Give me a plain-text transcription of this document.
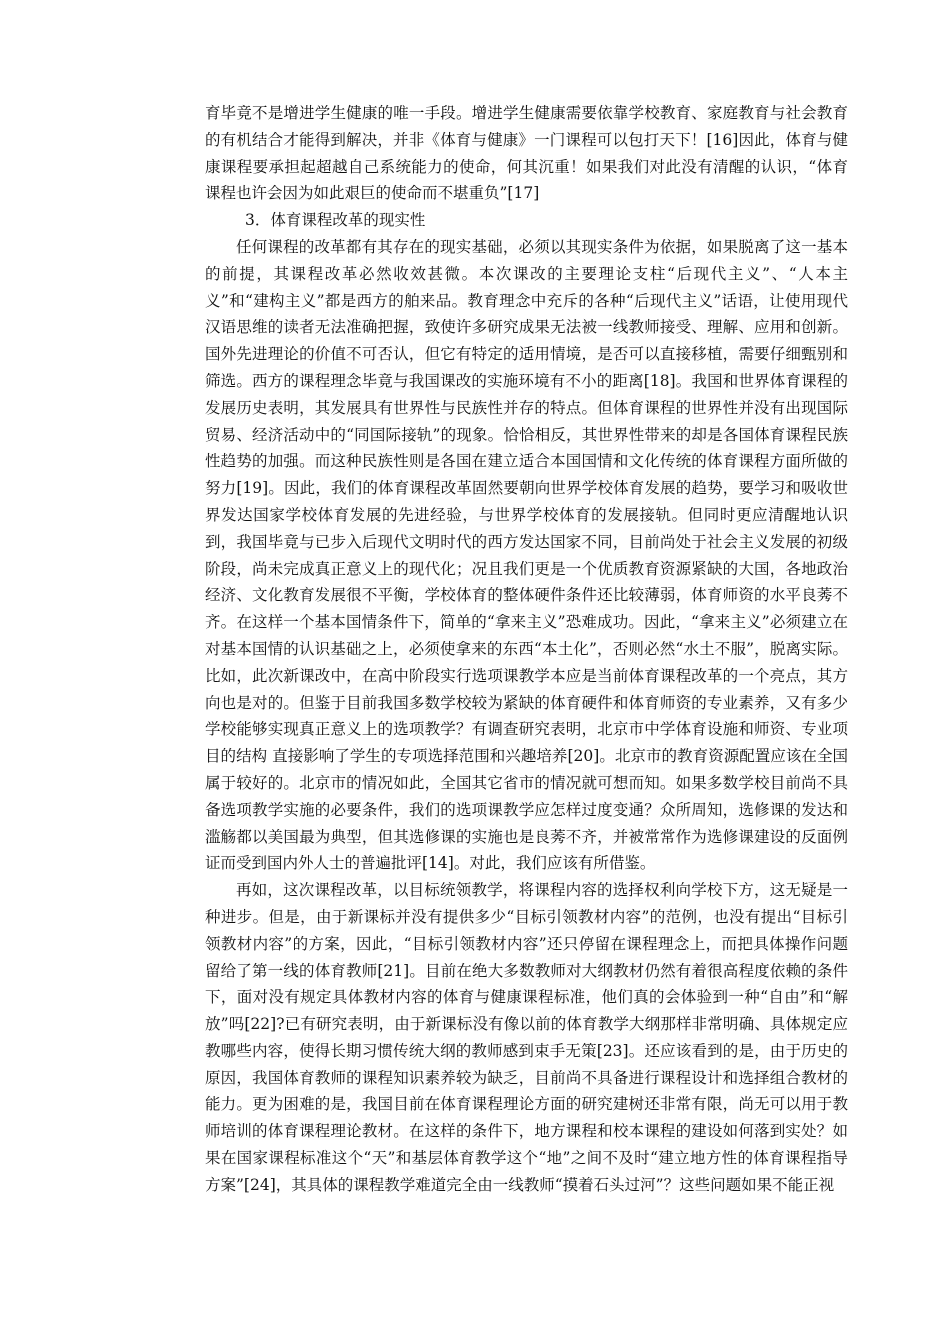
育毕竟不是增进学生健康的唯一手段。增进学生健康需要依靠学校教育、家庭教育与社会教育的有机结合才能得到解决，并非《体育与健康》一门课程可以包打天下！[16]因此，体育与健康课程要承担起超越自己系统能力的使命，何其沉重！如果我们对此没有清醒的认识，“体育课程也许会因为如此艰巨的使命而不堪重负”[17]

3．体育课程改革的现实性

任何课程的改革都有其存在的现实基础，必须以其现实条件为依据，如果脱离了这一基本的前提，其课程改革必然收效甚微。本次课改的主要理论支柱“后现代主义”、“人本主义”和“建构主义”都是西方的舶来品。教育理念中充斥的各种“后现代主义”话语，让使用现代汉语思维的读者无法准确把握，致使许多研究成果无法被一线教师接受、理解、应用和创新。国外先进理论的价值不可否认，但它有特定的适用情境，是否可以直接移植，需要仔细甄别和筛选。西方的课程理念毕竟与我国课改的实施环境有不小的距离[18]。我国和世界体育课程的发展历史表明，其发展具有世界性与民族性并存的特点。但体育课程的世界性并没有出现国际贸易、经济活动中的“同国际接轨”的现象。恰恰相反，其世界性带来的却是各国体育课程民族性趋势的加强。而这种民族性则是各国在建立适合本国国情和文化传统的体育课程方面所做的努力[19]。因此，我们的体育课程改革固然要朝向世界学校体育发展的趋势，要学习和吸收世界发达国家学校体育发展的先进经验，与世界学校体育的发展接轨。但同时更应清醒地认识到，我国毕竟与已步入后现代文明时代的西方发达国家不同，目前尚处于社会主义发展的初级阶段，尚未完成真正意义上的现代化；况且我们更是一个优质教育资源紧缺的大国，各地政治经济、文化教育发展很不平衡，学校体育的整体硬件条件还比较薄弱，体育师资的水平良莠不齐。在这样一个基本国情条件下，简单的“拿来主义”恐难成功。因此，“拿来主义”必须建立在对基本国情的认识基础之上，必须使拿来的东西“本土化”，否则必然“水土不服”，脱离实际。比如，此次新课改中，在高中阶段实行选项课教学本应是当前体育课程改革的一个亮点，其方向也是对的。但鉴于目前我国多数学校较为紧缺的体育硬件和体育师资的专业素养，又有多少学校能够实现真正意义上的选项教学？有调查研究表明，北京市中学体育设施和师资、专业项目的结构 直接影响了学生的专项选择范围和兴趣培养[20]。北京市的教育资源配置应该在全国属于较好的。北京市的情况如此，全国其它省市的情况就可想而知。如果多数学校目前尚不具备选项教学实施的必要条件，我们的选项课教学应怎样过度变通？众所周知，选修课的发达和滥觞都以美国最为典型，但其选修课的实施也是良莠不齐，并被常常作为选修课建设的反面例证而受到国内外人士的普遍批评[14]。对此，我们应该有所借鉴。

再如，这次课程改革，以目标统领教学，将课程内容的选择权利向学校下方，这无疑是一种进步。但是，由于新课标并没有提供多少“目标引领教材内容”的范例，也没有提出“目标引领教材内容”的方案，因此，“目标引领教材内容”还只停留在课程理念上，而把具体操作问题留给了第一线的体育教师[21]。目前在绝大多数教师对大纲教材仍然有着很高程度依赖的条件下，面对没有规定具体教材内容的体育与健康课程标准，他们真的会体验到一种“自由”和“解放”吗[22]?已有研究表明，由于新课标没有像以前的体育教学大纲那样非常明确、具体规定应教哪些内容，使得长期习惯传统大纲的教师感到束手无策[23]。还应该看到的是，由于历史的原因，我国体育教师的课程知识素养较为缺乏，目前尚不具备进行课程设计和选择组合教材的能力。更为困难的是，我国目前在体育课程理论方面的研究建树还非常有限，尚无可以用于教师培训的体育课程理论教材。在这样的条件下，地方课程和校本课程的建设如何落到实处？如果在国家课程标准这个“天”和基层体育教学这个“地”之间不及时“建立地方性的体育课程指导方案”[24]，其具体的课程教学难道完全由一线教师“摸着石头过河”？这些问题如果不能正视
